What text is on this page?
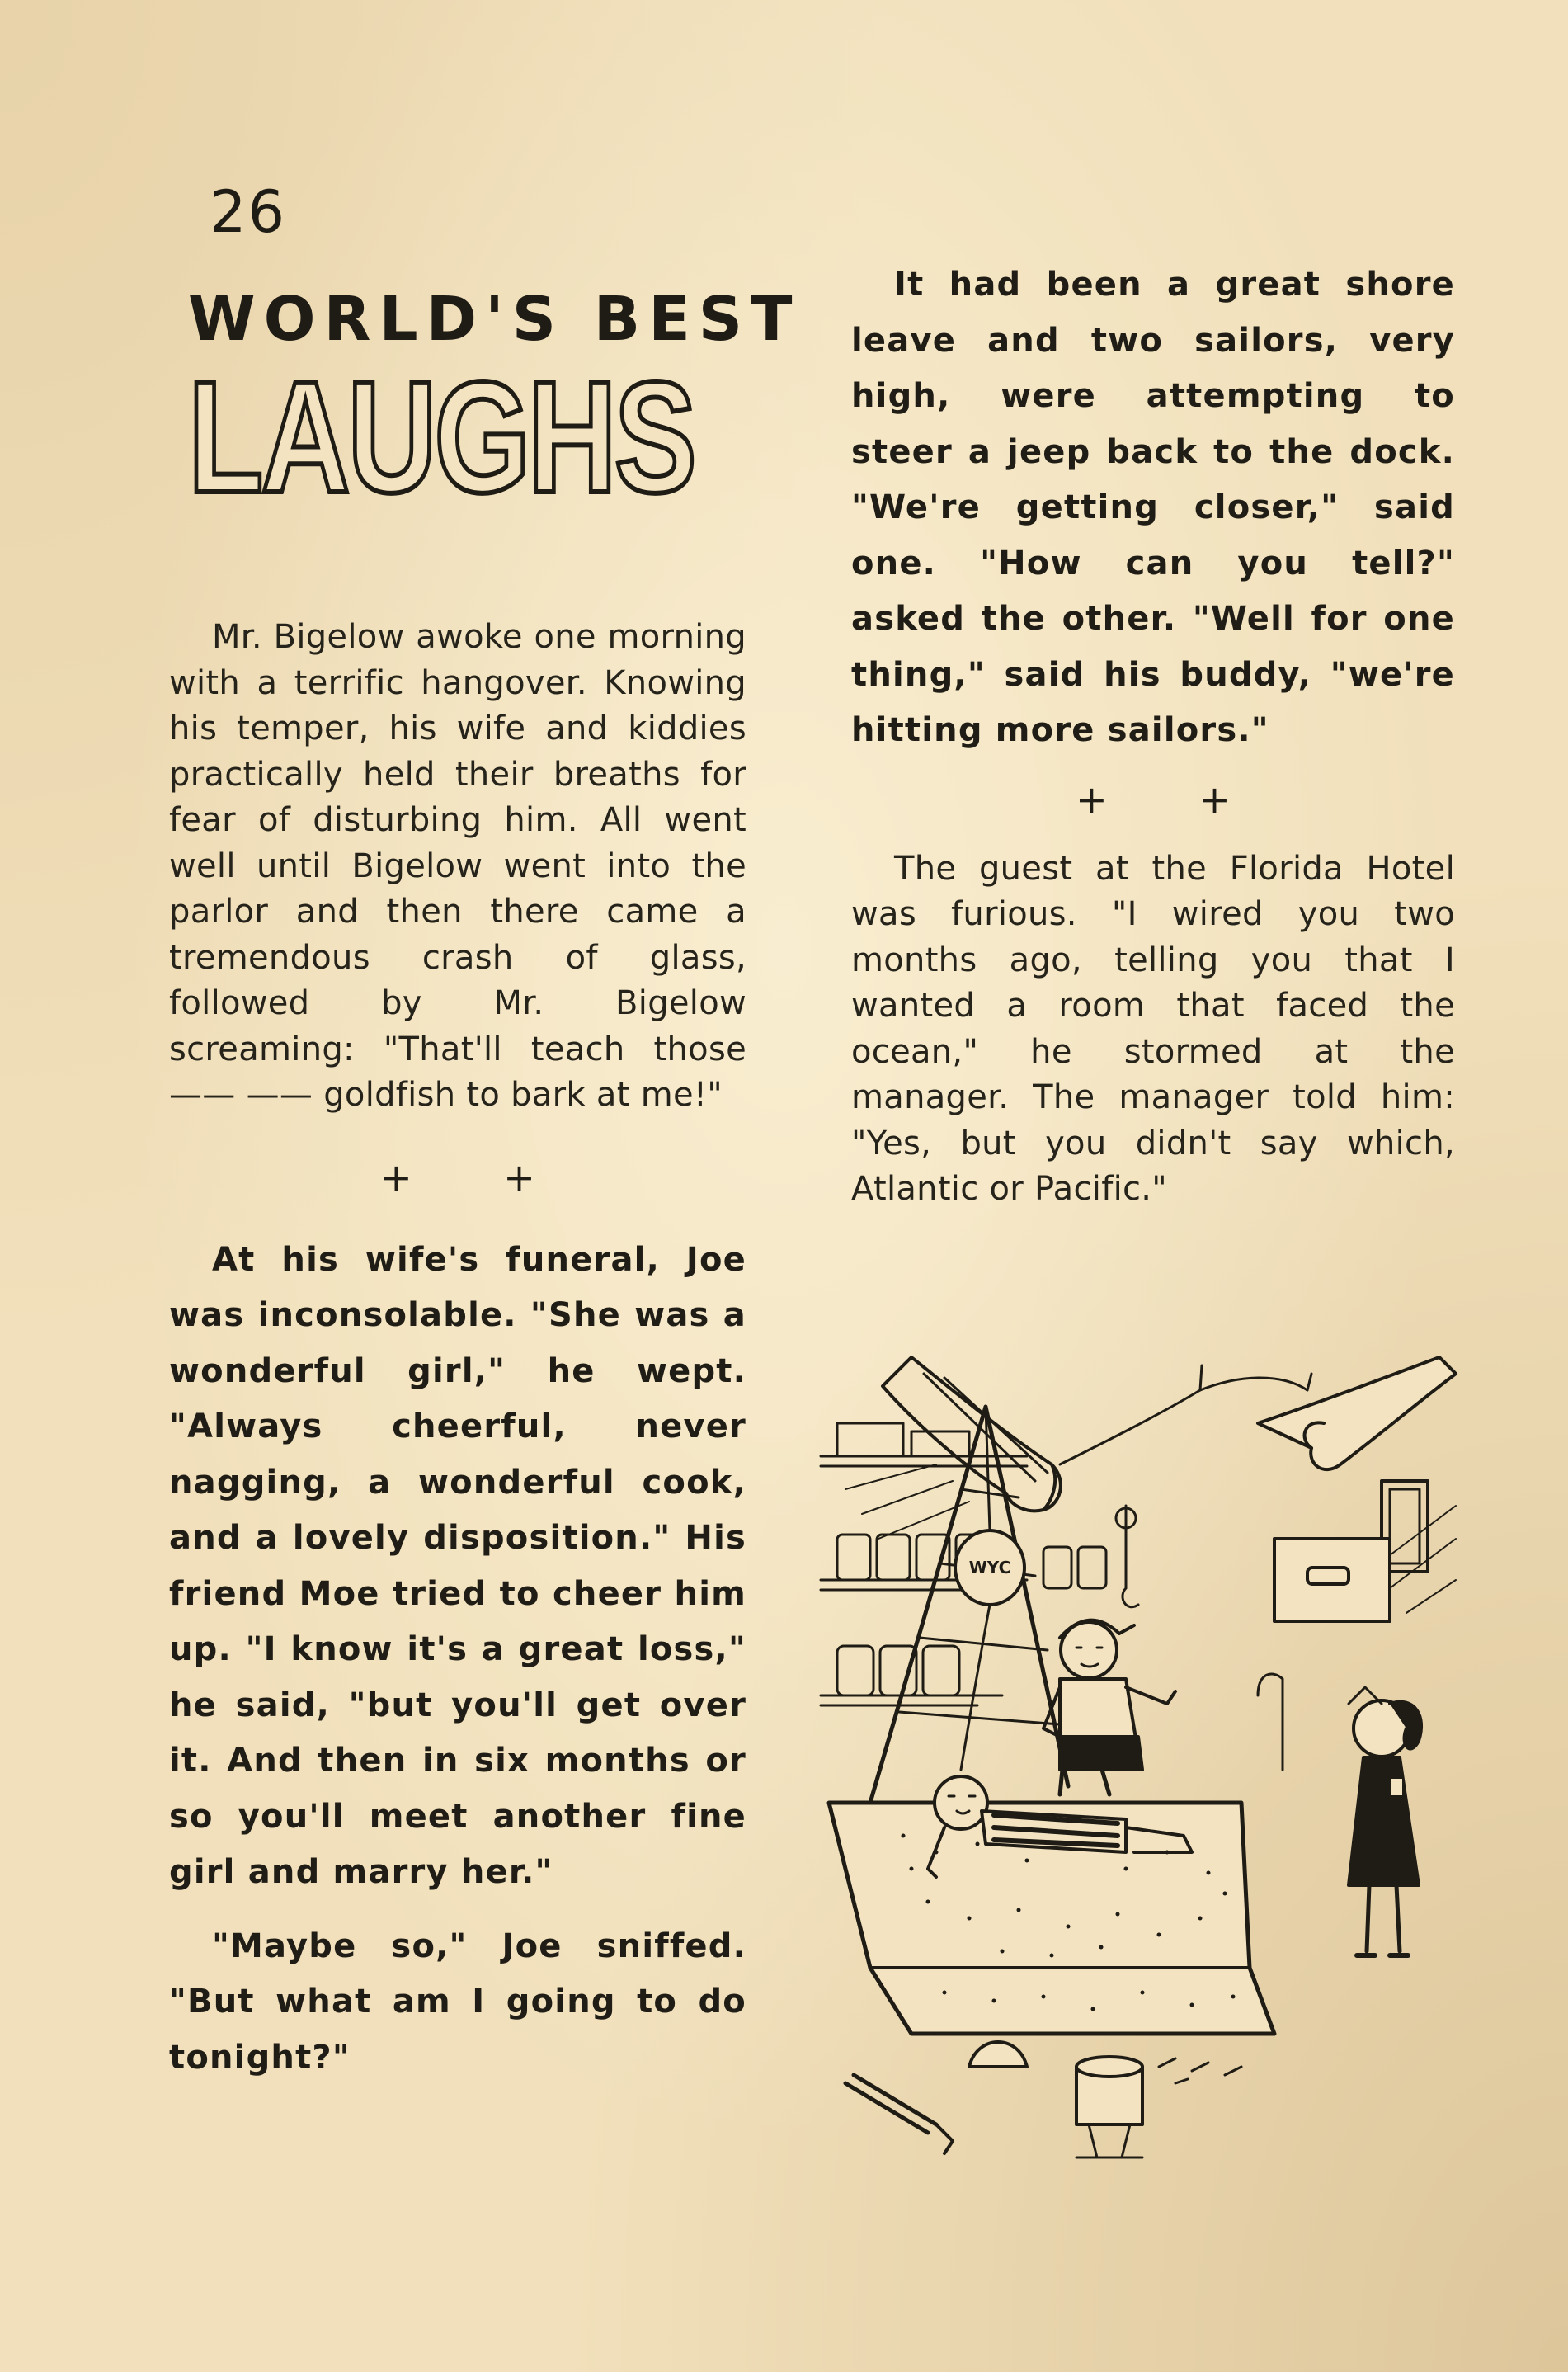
26
WORLD'S BEST
LAUGHS

Mr. Bigelow awoke one morning with a terrific hangover. Knowing his temper, his wife and kiddies practically held their breaths for fear of disturbing him. All went well until Bigelow went into the parlor and then there came a tremendous crash of glass, followed by Mr. Bigelow screaming: "That'll teach those —— —— goldfish to bark at me!"

+ +

At his wife's funeral, Joe was inconsolable. "She was a wonderful girl," he wept. "Always cheerful, never nagging, a wonderful cook, and a lovely disposition." His friend Moe tried to cheer him up. "I know it's a great loss," he said, "but you'll get over it. And then in six months or so you'll meet another fine girl and marry her."

"Maybe so," Joe sniffed. "But what am I going to do tonight?"

It had been a great shore leave and two sailors, very high, were attempting to steer a jeep back to the dock. "We're getting closer," said one. "How can you tell?" asked the other. "Well for one thing," said his buddy, "we're hitting more sailors."

+ +

The guest at the Florida Hotel was furious. "I wired you two months ago, telling you that I wanted a room that faced the ocean," he stormed at the manager. The manager told him: "Yes, but you didn't say which, Atlantic or Pacific."

WYC
